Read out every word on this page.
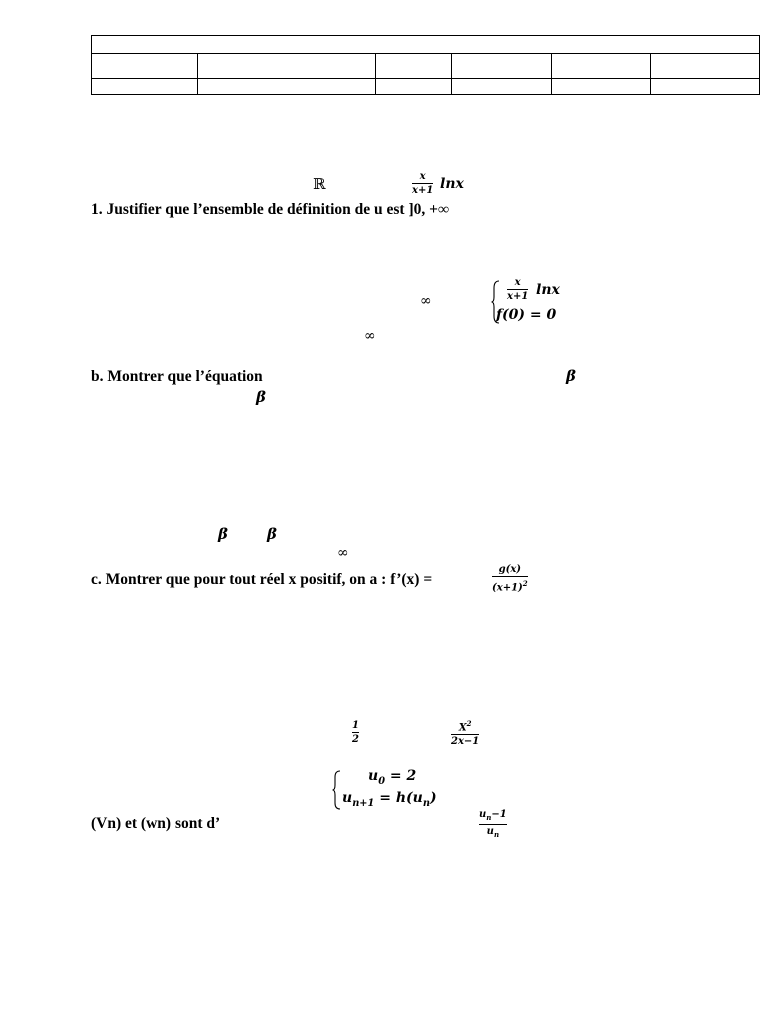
ℝ	x
x+1 lnx
1. Justifier que l’ensemble de définition de u est ]0, +∞
∞
x
x+1 lnx
f(0) = 0
∞
b. Montrer que l’équation	β
β
β	β
∞
c. Montrer que pour tout réel x positif, on a : f’(x) =
g(x)
$(x+1)^2$
1
2
$X^2$
2x−1
$u_0 = 2$
$u_{n+1} = h(u_n)$
(Vn) et (wn) sont d’
$u_n-1$
$u_n$
